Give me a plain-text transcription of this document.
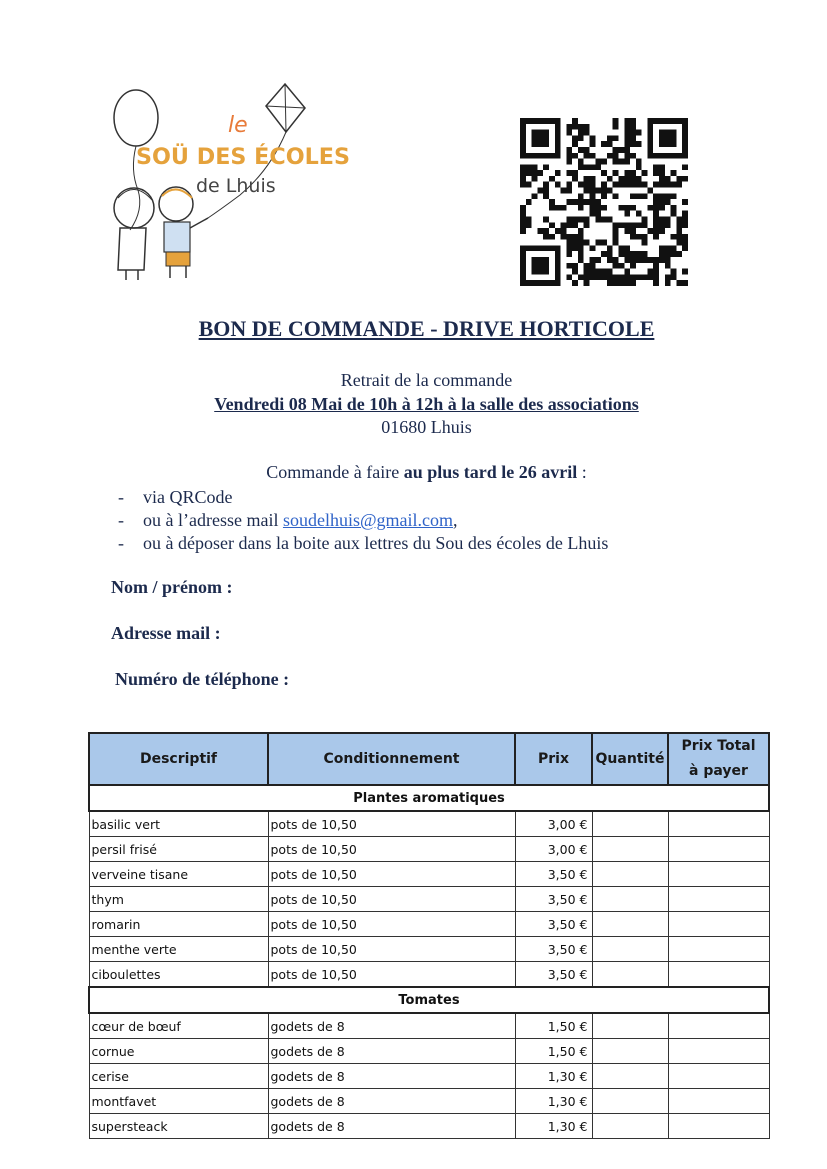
le
SOÜ DES ÉCOLES
de Lhuis
BON DE COMMANDE - DRIVE HORTICOLE
Retrait de la commande
Vendredi 08 Mai de 10h à 12h à la salle des associations
01680 Lhuis
Commande à faire au plus tard le 26 avril :
- via QRCode
- ou à l’adresse mail soudelhuis@gmail.com,
- ou à déposer dans la boite aux lettres du Sou des écoles de Lhuis
Nom / prénom :
Adresse mail :
Numéro de téléphone :
Descriptif	Conditionnement	Prix	Quantité	Prix Total
à payer
Plantes aromatiques				
basilic vert	pots de 10,50	3,00 €		
persil frisé	pots de 10,50	3,00 €		
verveine tisane	pots de 10,50	3,50 €		
thym	pots de 10,50	3,50 €		
romarin	pots de 10,50	3,50 €		
menthe verte	pots de 10,50	3,50 €		
ciboulettes	pots de 10,50	3,50 €		
Tomates				
cœur de bœuf	godets de 8	1,50 €		
cornue	godets de 8	1,50 €		
cerise	godets de 8	1,30 €		
montfavet	godets de 8	1,30 €		
supersteack	godets de 8	1,30 €		
